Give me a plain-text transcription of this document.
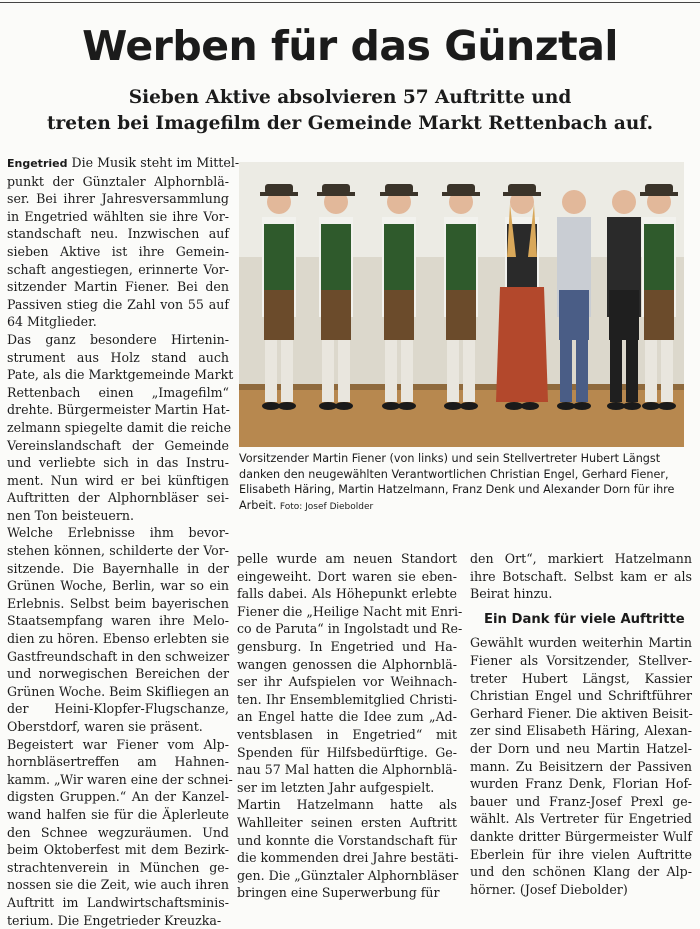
Werben für das Günztal
Sieben Aktive absolvieren 57 Auftritte und
treten bei Imagefilm der Gemeinde Markt Rettenbach auf.

Engetried Die Musik steht im Mittel-

punkt der Günztaler Alphornblä-

ser. Bei ihrer Jahresversammlung

in Engetried wählten sie ihre Vor-

standschaft neu. Inzwischen auf

sieben Aktive ist ihre Gemein-

schaft angestiegen, erinnerte Vor-

sitzender Martin Fiener. Bei den

Passiven stieg die Zahl von 55 auf

64 Mitglieder.

Das ganz besondere Hirtenin-

strument aus Holz stand auch

Pate, als die Marktgemeinde Markt

Rettenbach einen „Imagefilm“

drehte. Bürgermeister Martin Hat-

zelmann spiegelte damit die reiche

Vereinslandschaft der Gemeinde

und verliebte sich in das Instru-

ment. Nun wird er bei künftigen

Auftritten der Alphornbläser sei-

nen Ton beisteuern.

Welche Erlebnisse ihm bevor-

stehen können, schilderte der Vor-

sitzende. Die Bayernhalle in der

Grünen Woche, Berlin, war so ein

Erlebnis. Selbst beim bayerischen

Staatsempfang waren ihre Melo-

dien zu hören. Ebenso erlebten sie

Gastfreundschaft in den schweizer

und norwegischen Bereichen der

Grünen Woche. Beim Skifliegen an

der Heini-Klopfer-Flugschanze,

Oberstdorf, waren sie präsent.

Begeistert war Fiener vom Alp-

hornbläsertreffen am Hahnen-

kamm. „Wir waren eine der schnei-

digsten Gruppen.“ An der Kanzel-

wand halfen sie für die Äplerleute

den Schnee wegzuräumen. Und

beim Oktoberfest mit dem Bezirk-

strachtenverein in München ge-

nossen sie die Zeit, wie auch ihren

Auftritt im Landwirtschaftsminis-

terium. Die Engetrieder Kreuzka-

pelle wurde am neuen Standort

eingeweiht. Dort waren sie eben-

falls dabei. Als Höhepunkt erlebte

Fiener die „Heilige Nacht mit Enri-

co de Paruta“ in Ingolstadt und Re-

gensburg. In Engetried und Ha-

wangen genossen die Alphornblä-

ser ihr Aufspielen vor Weihnach-

ten. Ihr Ensemblemitglied Christi-

an Engel hatte die Idee zum „Ad-

ventsblasen in Engetried“ mit

Spenden für Hilfsbedürftige. Ge-

nau 57 Mal hatten die Alphornblä-

ser im letzten Jahr aufgespielt.

Martin Hatzelmann hatte als

Wahlleiter seinen ersten Auftritt

und konnte die Vorstandschaft für

die kommenden drei Jahre bestäti-

gen. Die „Günztaler Alphornbläser

bringen eine Superwerbung für

den Ort“, markiert Hatzelmann

ihre Botschaft. Selbst kam er als

Beirat hinzu.

Ein Dank für viele Auftritte

Gewählt wurden weiterhin Martin

Fiener als Vorsitzender, Stellver-

treter Hubert Längst, Kassier

Christian Engel und Schriftführer

Gerhard Fiener. Die aktiven Beisit-

zer sind Elisabeth Häring, Alexan-

der Dorn und neu Martin Hatzel-

mann. Zu Beisitzern der Passiven

wurden Franz Denk, Florian Hof-

bauer und Franz-Josef Prexl ge-

wählt. Als Vertreter für Engetried

dankte dritter Bürgermeister Wulf

Eberlein für ihre vielen Auftritte

und den schönen Klang der Alp-

hörner. (Josef Diebolder)

Vorsitzender Martin Fiener (von links) und sein Stellvertreter Hubert Längst
danken den neugewählten Verantwortlichen Christian Engel, Gerhard Fiener,
Elisabeth Häring, Martin Hatzelmann, Franz Denk und Alexander Dorn für ihre
Arbeit. Foto: Josef Diebolder
